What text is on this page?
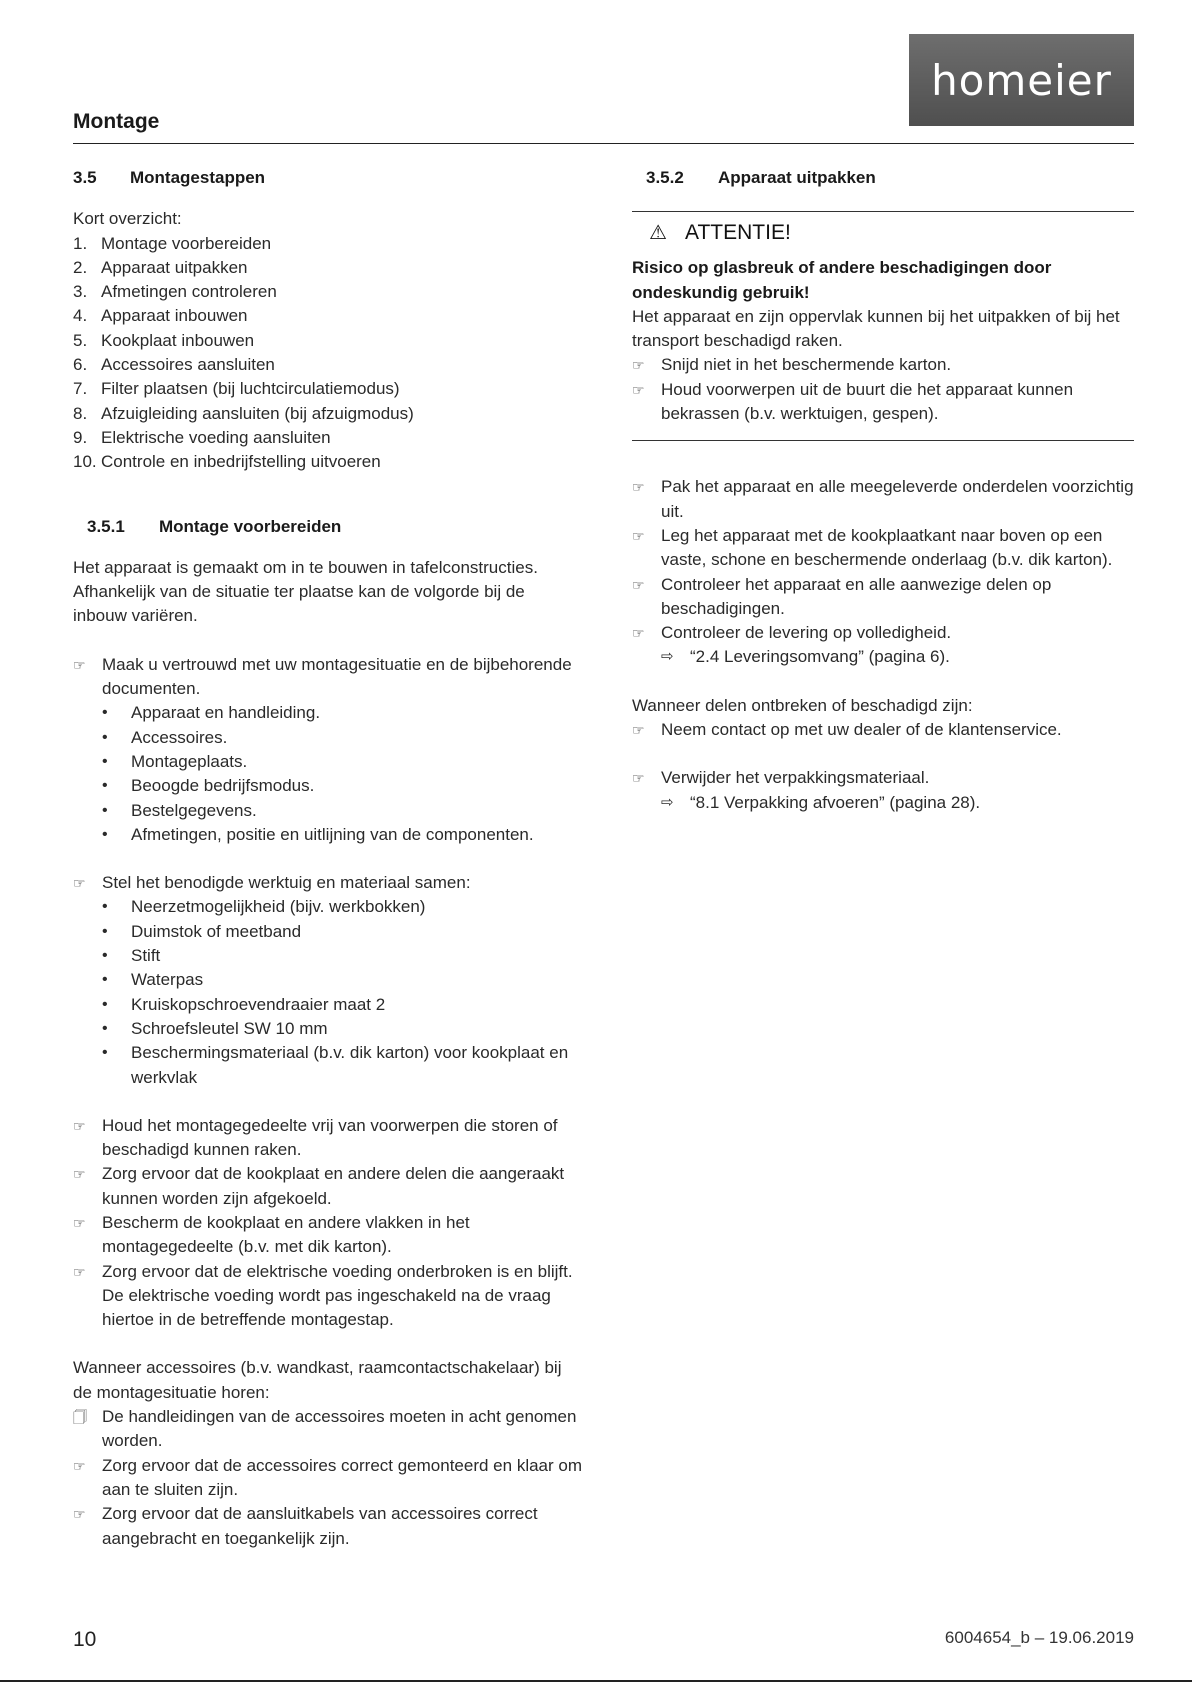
homeier
Montage
3.5	Montagestappen

Kort overzicht:

1. Montage voorbereiden
2. Apparaat uitpakken
3. Afmetingen controleren
4. Apparaat inbouwen
5. Kookplaat inbouwen
6. Accessoires aansluiten
7. Filter plaatsen (bij luchtcirculatiemodus)
8. Afzuigleiding aansluiten (bij afzuigmodus)
9. Elektrische voeding aansluiten
10. Controle en inbedrijfstelling uitvoeren
3.5.1	Montage voorbereiden

Het apparaat is gemaakt om in te bouwen in tafelconstructies. Afhankelijk van de situatie ter plaatse kan de volgorde bij de inbouw variëren.

☞ Maak u vertrouwd met uw montagesituatie en de bijbehorende documenten.
•	Apparaat en handleiding.
•	Accessoires.
•	Montageplaats.
•	Beoogde bedrijfsmodus.
•	Bestelgegevens.
•	Afmetingen, positie en uitlijning van de componenten.
☞ Stel het benodigde werktuig en materiaal samen:
•	Neerzetmogelijkheid (bijv. werkbokken)
•	Duimstok of meetband
•	Stift
•	Waterpas
•	Kruiskopschroevendraaier maat 2
•	Schroefsleutel SW 10 mm
•	Beschermingsmateriaal (b.v. dik karton) voor kookplaat en werkvlak
☞ Houd het montagegedeelte vrij van voorwerpen die storen of beschadigd kunnen raken.
☞ Zorg ervoor dat de kookplaat en andere delen die aangeraakt kunnen worden zijn afgekoeld.
☞ Bescherm de kookplaat en andere vlakken in het montagegedeelte (b.v. met dik karton).
☞ Zorg ervoor dat de elektrische voeding onderbroken is en blijft. De elektrische voeding wordt pas ingeschakeld na de vraag hiertoe in de betreffende montagestap.

Wanneer accessoires (b.v. wandkast, raamcontactschakelaar) bij de montagesituatie horen:

🗍 De handleidingen van de accessoires moeten in acht genomen worden.
☞ Zorg ervoor dat de accessoires correct gemonteerd en klaar om aan te sluiten zijn.
☞ Zorg ervoor dat de aansluitkabels van accessoires correct aangebracht en toegankelijk zijn.
3.5.2	Apparaat uitpakken
⚠ ATTENTIE!

Risico op glasbreuk of andere beschadigingen door ondeskundig gebruik!

Het apparaat en zijn oppervlak kunnen bij het uitpakken of bij het transport beschadigd raken.

☞ Snijd niet in het beschermende karton.
☞ Houd voorwerpen uit de buurt die het apparaat kunnen bekrassen (b.v. werktuigen, gespen).
☞ Pak het apparaat en alle meegeleverde onderdelen voorzichtig uit.
☞ Leg het apparaat met de kookplaatkant naar boven op een vaste, schone en beschermende onderlaag (b.v. dik karton).
☞ Controleer het apparaat en alle aanwezige delen op beschadigingen.
☞ Controleer de levering op volledigheid.
⇨ “2.4 Leveringsomvang” (pagina 6).

Wanneer delen ontbreken of beschadigd zijn:

☞ Neem contact op met uw dealer of de klantenservice.
☞ Verwijder het verpakkingsmateriaal.
⇨ “8.1 Verpakking afvoeren” (pagina 28).
10	6004654_b – 19.06.2019
